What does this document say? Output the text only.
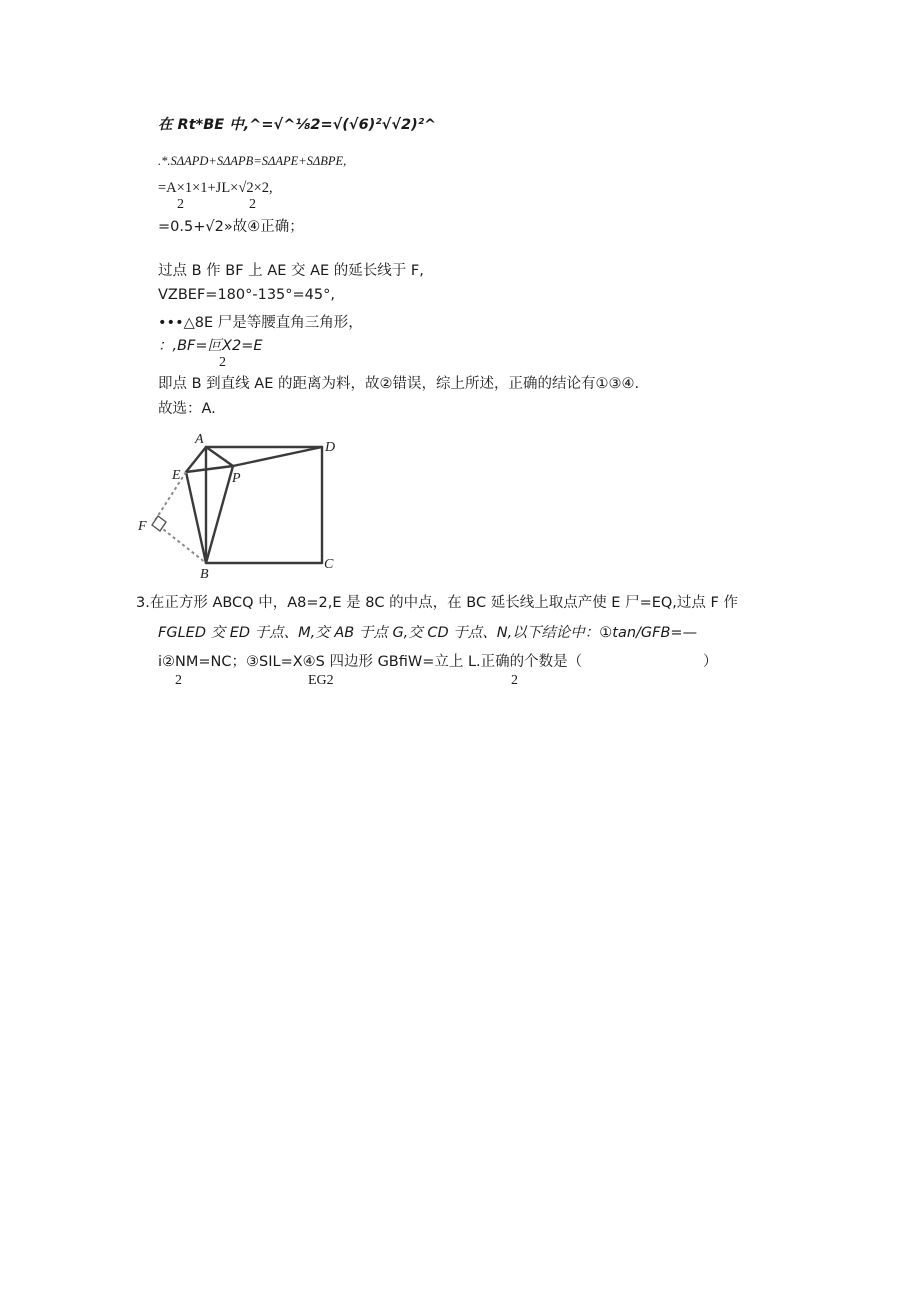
在 Rt*BE 中,^=√^⅛2=√(√6)²√√2)²^
.*.SΔAPD+SΔAPB=SΔAPE+SΔBPE,
=A×1×1+JL×√2×2,
2	2
=0.5+√2»故④正确；
过点 B 作 BF 上 AE 交 AE 的延长线于 F,
VZBEF=180°-135°=45°,
•••△8E 尸是等腰直角三角形，
：,BF=叵X2=E
2
即点 B 到直线 AE 的距离为料，故②错误，综上所述，正确的结论有①③④.
故选：A.
A
D
E	P
F
B
C
3.在正方形 ABCQ 中，A8=2,E 是 8C 的中点，在 BC 延长线上取点产使 E 尸=EQ,过点 F 作
FGLED 交 ED 于点、M,交 AB 于点 G,交 CD 于点、N,以下结论中：①tan/GFB=—
i②NM=NC；③SIL=X④S 四边形 GBfiW=立上 L.正确的个数是（	）
2	EG2	2
